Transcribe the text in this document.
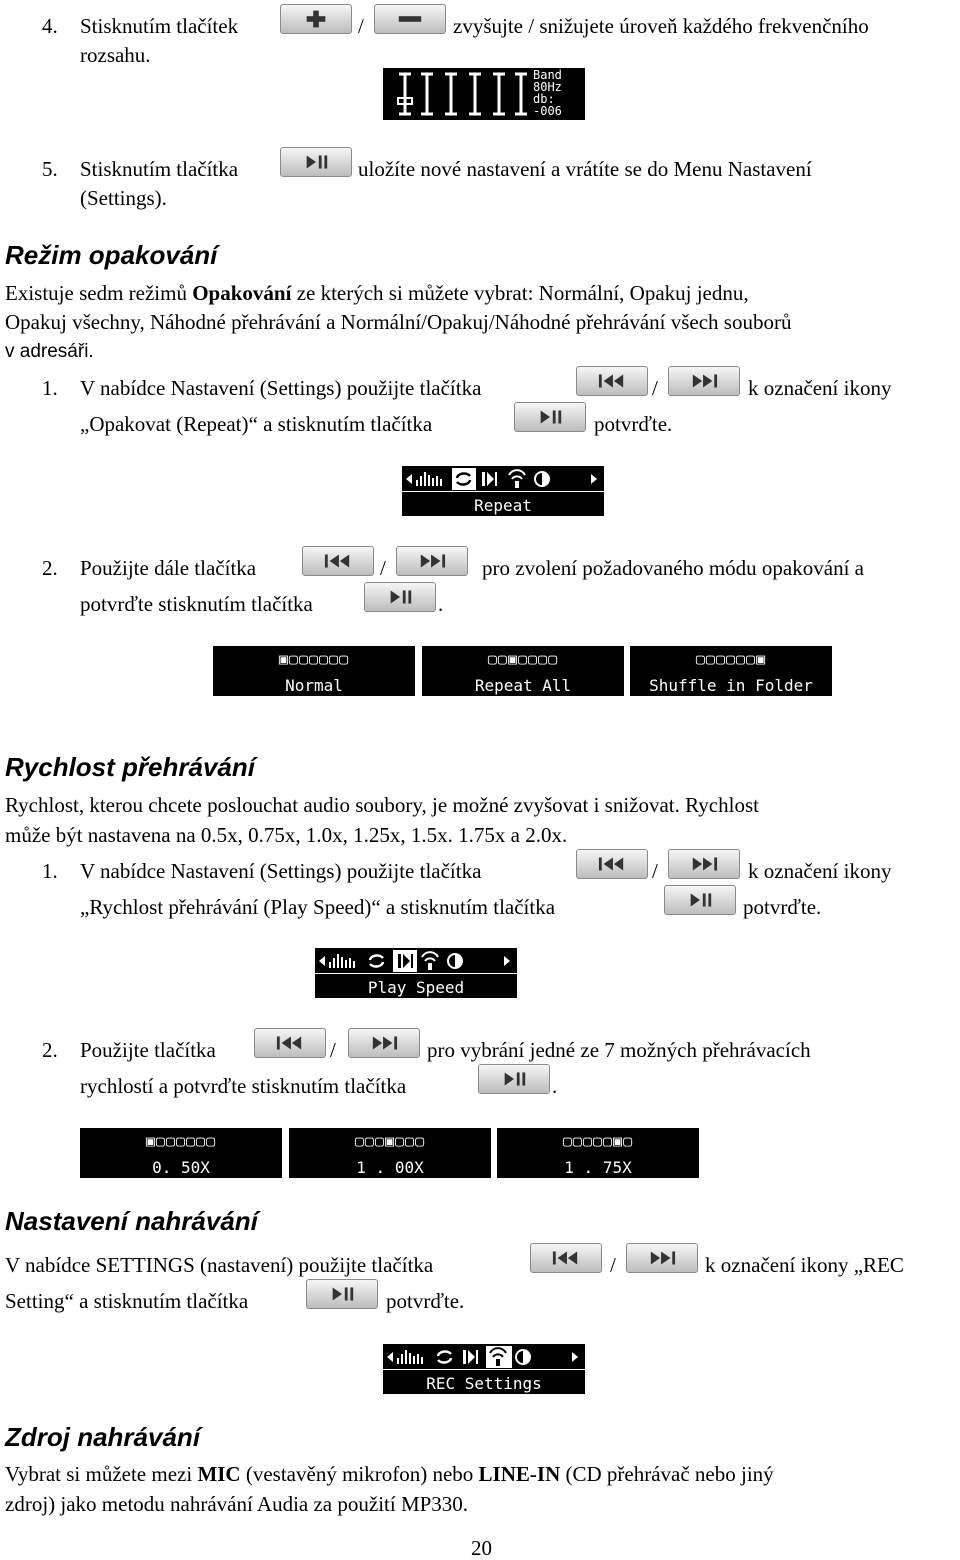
4. Stisknutím tlačítek	/	zvyšujte / snižujete úroveň každého frekvenčního
rozsahu.
Band
80Hz
db:
-006
5. Stisknutím tlačítka	uložíte nové nastavení a vrátíte se do Menu Nastavení
(Settings).
Režim opakování
Existuje sedm režimů Opakování ze kterých si můžete vybrat: Normální, Opakuj jednu,
Opakuj všechny, Náhodné přehrávání a Normální/Opakuj/Náhodné přehrávání všech souborů
v adresáři.
1. V nabídce Nastavení (Settings) použijte tlačítka	/	k označení ikony
„Opakovat (Repeat)“ a stisknutím tlačítka	potvrďte.
Repeat
2. Použijte dále tlačítka	/	pro zvolení požadovaného módu opakování a
potvrďte stisknutím tlačítka	.
▣▢▢▢▢▢▢
Normal
▢▢▣▢▢▢▢
Repeat All
▢▢▢▢▢▢▣
Shuffle in Folder
Rychlost přehrávání
Rychlost, kterou chcete poslouchat audio soubory, je možné zvyšovat i snižovat. Rychlost
může být nastavena na 0.5x, 0.75x, 1.0x, 1.25x, 1.5x. 1.75x a 2.0x.
1. V nabídce Nastavení (Settings) použijte tlačítka	/	k označení ikony
„Rychlost přehrávání (Play Speed)“ a stisknutím tlačítka	potvrďte.
Play Speed
2. Použijte tlačítka	/	pro vybrání jedné ze 7 možných přehrávacích
rychlostí a potvrďte stisknutím tlačítka	.
▣▢▢▢▢▢▢
0. 50X
▢▢▢▣▢▢▢
1 . 00X
▢▢▢▢▢▣▢
1 . 75X
Nastavení nahrávání
V nabídce SETTINGS (nastavení) použijte tlačítka	/	k označení ikony „REC
Setting“ a stisknutím tlačítka	potvrďte.
REC Settings
Zdroj nahrávání
Vybrat si můžete mezi MIC (vestavěný mikrofon) nebo LINE-IN (CD přehrávač nebo jiný
zdroj) jako metodu nahrávání Audia za použití MP330.
20
